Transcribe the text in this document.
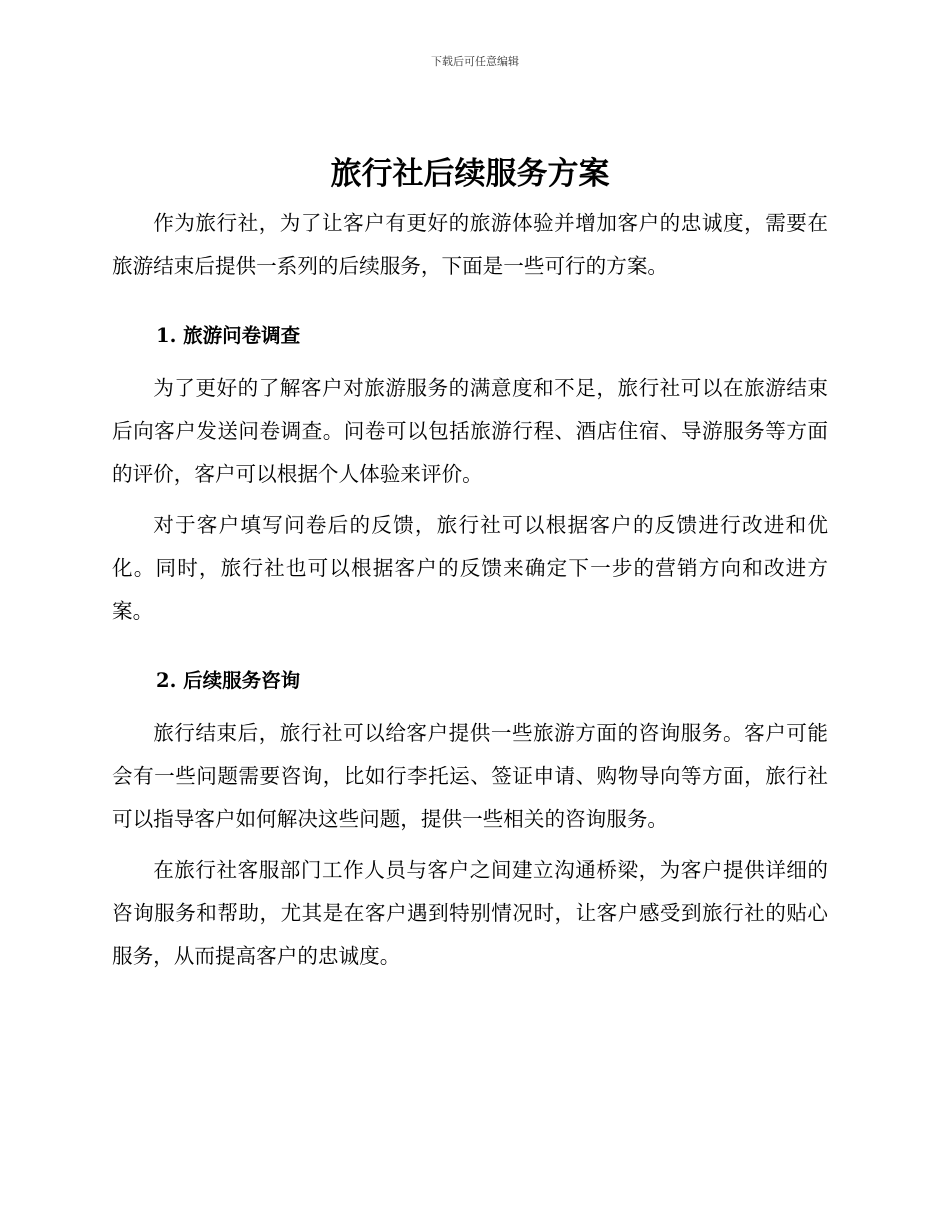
下载后可任意编辑
旅行社后续服务方案

作为旅行社，为了让客户有更好的旅游体验并增加客户的忠诚度，需要在旅游结束后提供一系列的后续服务，下面是一些可行的方案。

1. 旅游问卷调查

为了更好的了解客户对旅游服务的满意度和不足，旅行社可以在旅游结束后向客户发送问卷调查。问卷可以包括旅游行程、酒店住宿、导游服务等方面的评价，客户可以根据个人体验来评价。

对于客户填写问卷后的反馈，旅行社可以根据客户的反馈进行改进和优化。同时，旅行社也可以根据客户的反馈来确定下一步的营销方向和改进方案。

2. 后续服务咨询

旅行结束后，旅行社可以给客户提供一些旅游方面的咨询服务。客户可能会有一些问题需要咨询，比如行李托运、签证申请、购物导向等方面，旅行社可以指导客户如何解决这些问题，提供一些相关的咨询服务。

在旅行社客服部门工作人员与客户之间建立沟通桥梁，为客户提供详细的咨询服务和帮助，尤其是在客户遇到特别情况时，让客户感受到旅行社的贴心服务，从而提高客户的忠诚度。
